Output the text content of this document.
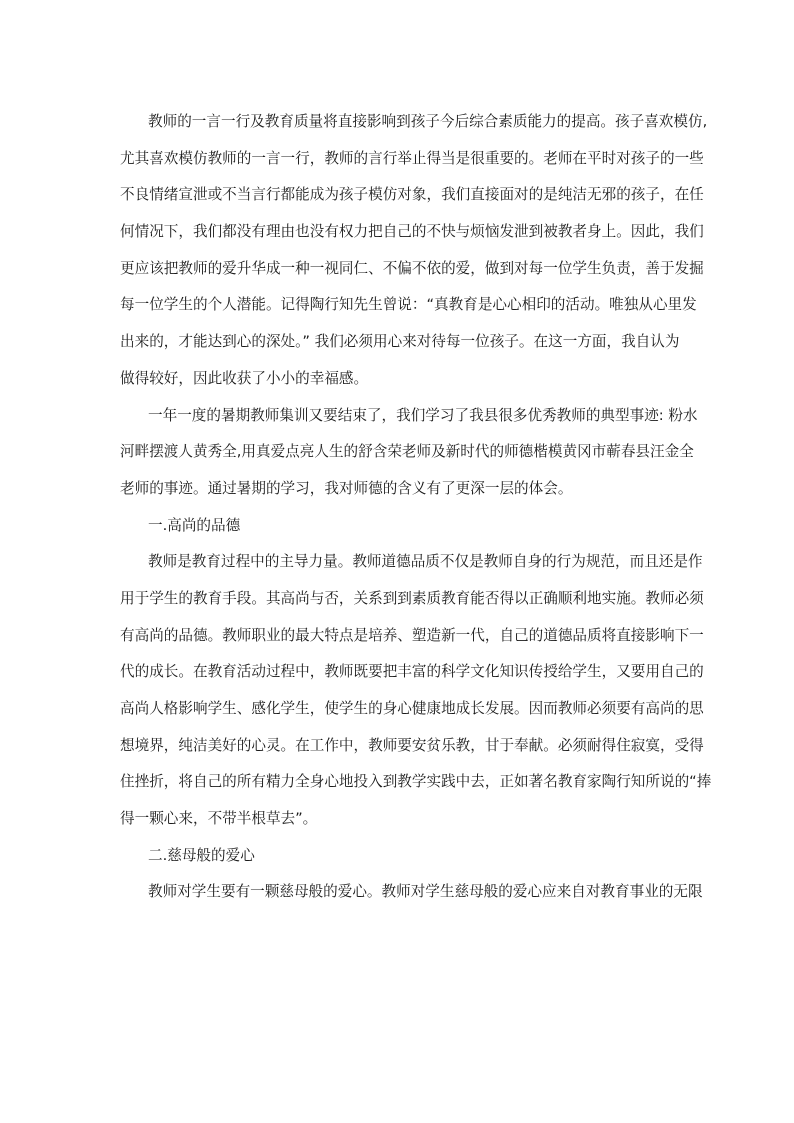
教师的一言一行及教育质量将直接影响到孩子今后综合素质能力的提高。孩子喜欢模仿,
尤其喜欢模仿教师的一言一行，教师的言行举止得当是很重要的。老师在平时对孩子的一些
不良情绪宣泄或不当言行都能成为孩子模仿对象，我们直接面对的是纯洁无邪的孩子，在任
何情况下，我们都没有理由也没有权力把自己的不快与烦恼发泄到被教者身上。因此，我们
更应该把教师的爱升华成一种一视同仁、不偏不依的爱，做到对每一位学生负责，善于发掘
每一位学生的个人潜能。记得陶行知先生曾说：“真教育是心心相印的活动。唯独从心里发
出来的，才能达到心的深处。” 我们必须用心来对待每一位孩子。在这一方面，我自认为
做得较好，因此收获了小小的幸福感。
一年一度的暑期教师集训又要结束了，我们学习了我县很多优秀教师的典型事迹: 粉水
河畔摆渡人黄秀全,用真爱点亮人生的舒含荣老师及新时代的师德楷模黄冈市蕲春县汪金全
老师的事迹。通过暑期的学习，我对师德的含义有了更深一层的体会。
一.高尚的品德
教师是教育过程中的主导力量。教师道德品质不仅是教师自身的行为规范，而且还是作
用于学生的教育手段。其高尚与否，关系到到素质教育能否得以正确顺利地实施。教师必须
有高尚的品德。教师职业的最大特点是培养、塑造新一代，自己的道德品质将直接影响下一
代的成长。在教育活动过程中，教师既要把丰富的科学文化知识传授给学生，又要用自己的
高尚人格影响学生、感化学生，使学生的身心健康地成长发展。因而教师必须要有高尚的思
想境界，纯洁美好的心灵。在工作中，教师要安贫乐教，甘于奉献。必须耐得住寂寞，受得
住挫折，将自己的所有精力全身心地投入到教学实践中去，正如著名教育家陶行知所说的“捧
得一颗心来，不带半根草去”。
二.慈母般的爱心
教师对学生要有一颗慈母般的爱心。教师对学生慈母般的爱心应来自对教育事业的无限
